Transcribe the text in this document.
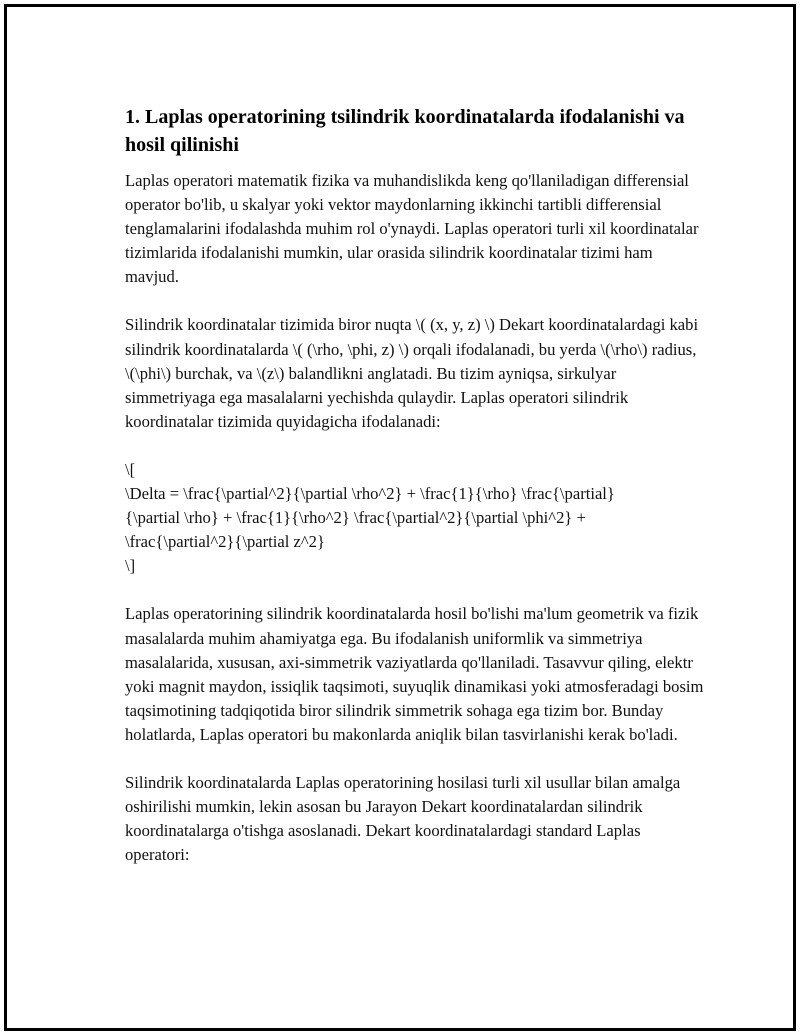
1. Laplas operatorining tsilindrik koordinatalarda ifodalanishi va hosil qilinishi

Laplas operatori matematik fizika va muhandislikda keng qo'llaniladigan differensial operator bo'lib, u skalyar yoki vektor maydonlarning ikkinchi tartibli differensial tenglamalarini ifodalashda muhim rol o'ynaydi. Laplas operatori turli xil koordinatalar tizimlarida ifodalanishi mumkin, ular orasida silindrik koordinatalar tizimi ham mavjud.

Silindrik koordinatalar tizimida biror nuqta \( (x, y, z) \) Dekart koordinatalardagi kabi silindrik koordinatalarda \( (\rho, \phi, z) \) orqali ifodalanadi, bu yerda \(\rho\) radius, \(\phi\) burchak, va \(z\) balandlikni anglatadi. Bu tizim ayniqsa, sirkulyar simmetriyaga ega masalalarni yechishda qulaydir. Laplas operatori silindrik koordinatalar tizimida quyidagicha ifodalanadi:

\[

\Delta = \frac{\partial^2}{\partial \rho^2} + \frac{1}{\rho} \frac{\partial}

{\partial \rho} + \frac{1}{\rho^2} \frac{\partial^2}{\partial \phi^2} +

\frac{\partial^2}{\partial z^2}

\]

Laplas operatorining silindrik koordinatalarda hosil bo'lishi ma'lum geometrik va fizik masalalarda muhim ahamiyatga ega. Bu ifodalanish uniformlik va simmetriya masalalarida, xususan, axi-simmetrik vaziyatlarda qo'llaniladi. Tasavvur qiling, elektr yoki magnit maydon, issiqlik taqsimoti, suyuqlik dinamikasi yoki atmosferadagi bosim taqsimotining tadqiqotida biror silindrik simmetrik sohaga ega tizim bor. Bunday holatlarda, Laplas operatori bu makonlarda aniqlik bilan tasvirlanishi kerak bo'ladi.

Silindrik koordinatalarda Laplas operatorining hosilasi turli xil usullar bilan amalga oshirilishi mumkin, lekin asosan bu Jarayon Dekart koordinatalardan silindrik koordinatalarga o'tishga asoslanadi. Dekart koordinatalardagi standard Laplas operatori:
